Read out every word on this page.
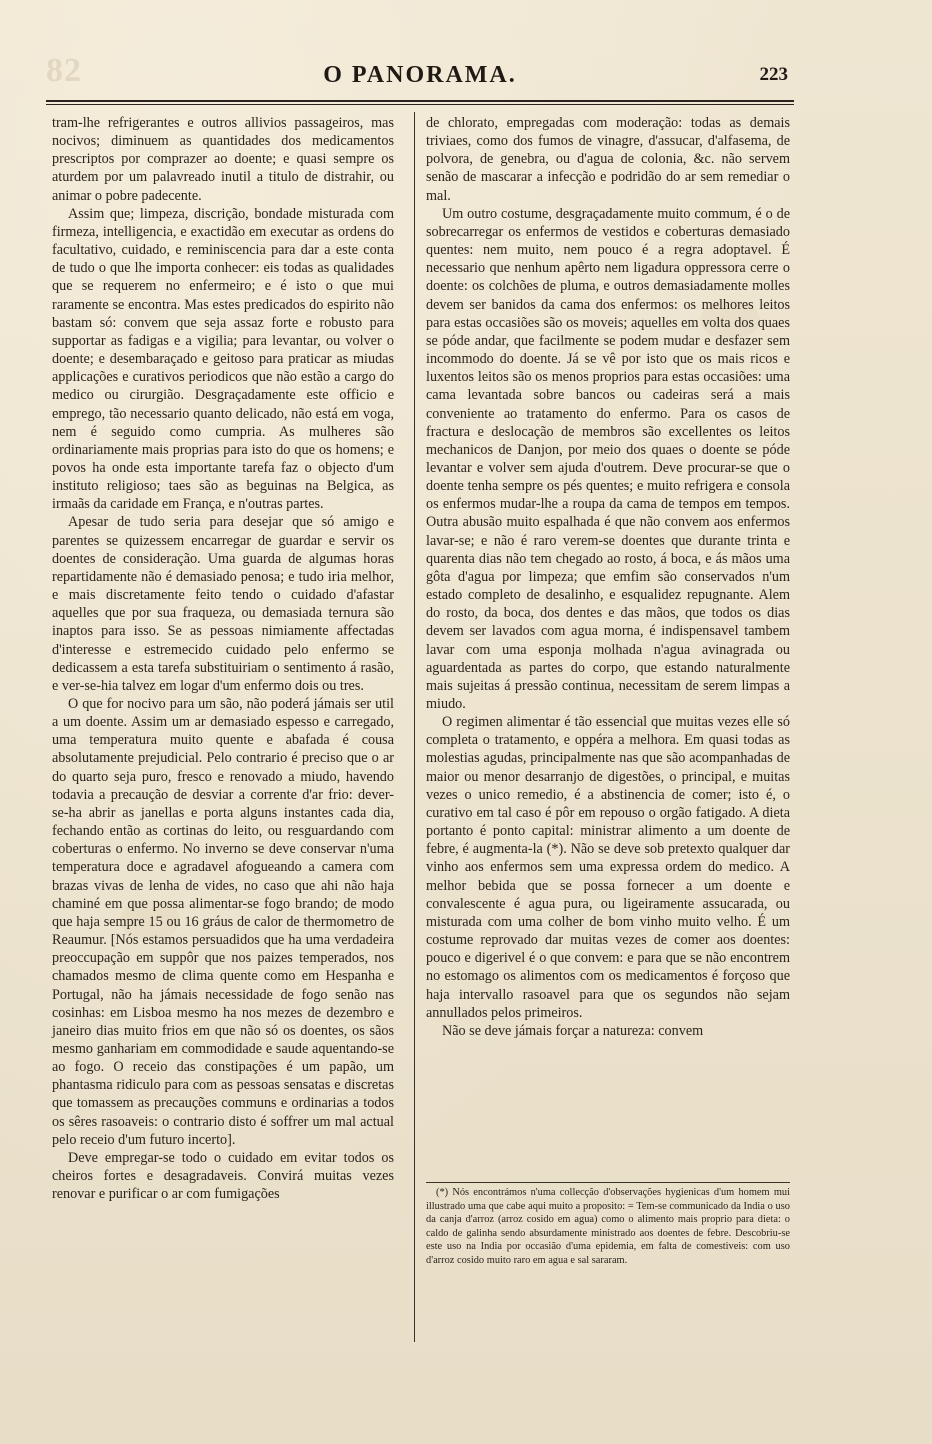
82	O PANORAMA.	223

tram-lhe refrigerantes e outros allivios passageiros, mas nocivos; diminuem as quantidades dos medicamentos prescriptos por comprazer ao doente; e quasi sempre os aturdem por um palavreado inutil a titulo de distrahir, ou animar o pobre padecente.

Assim que; limpeza, discrição, bondade misturada com firmeza, intelligencia, e exactidão em executar as ordens do facultativo, cuidado, e reminiscencia para dar a este conta de tudo o que lhe importa conhecer: eis todas as qualidades que se requerem no enfermeiro; e é isto o que mui raramente se encontra. Mas estes predicados do espirito não bastam só: convem que seja assaz forte e robusto para supportar as fadigas e a vigilia; para levantar, ou volver o doente; e desembaraçado e geitoso para praticar as miudas applicações e curativos periodicos que não estão a cargo do medico ou cirurgião. Desgraçadamente este officio e emprego, tão necessario quanto delicado, não está em voga, nem é seguido como cumpria. As mulheres são ordinariamente mais proprias para isto do que os homens; e povos ha onde esta importante tarefa faz o objecto d'um instituto religioso; taes são as beguinas na Belgica, as irmaãs da caridade em França, e n'outras partes.

Apesar de tudo seria para desejar que só amigo e parentes se quizessem encarregar de guardar e servir os doentes de consideração. Uma guarda de algumas horas repartidamente não é demasiado penosa; e tudo iria melhor, e mais discretamente feito tendo o cuidado d'afastar aquelles que por sua fraqueza, ou demasiada ternura são inaptos para isso. Se as pessoas nimiamente affectadas d'interesse e estremecido cuidado pelo enfermo se dedicassem a esta tarefa substituiriam o sentimento á rasão, e ver-se-hia talvez em logar d'um enfermo dois ou tres.

O que for nocivo para um são, não poderá jámais ser util a um doente. Assim um ar demasiado espesso e carregado, uma temperatura muito quente e abafada é cousa absolutamente prejudicial. Pelo contrario é preciso que o ar do quarto seja puro, fresco e renovado a miudo, havendo todavia a precaução de desviar a corrente d'ar frio: dever-se-ha abrir as janellas e porta alguns instantes cada dia, fechando então as cortinas do leito, ou resguardando com coberturas o enfermo. No inverno se deve conservar n'uma temperatura doce e agradavel afogueando a camera com brazas vivas de lenha de vides, no caso que ahi não haja chaminé em que possa alimentar-se fogo brando; de modo que haja sempre 15 ou 16 gráus de calor de thermometro de Reaumur. [Nós estamos persuadidos que ha uma verdadeira preoccupação em suppôr que nos paizes temperados, nos chamados mesmo de clima quente como em Hespanha e Portugal, não ha jámais necessidade de fogo senão nas cosinhas: em Lisboa mesmo ha nos mezes de dezembro e janeiro dias muito frios em que não só os doentes, os sãos mesmo ganhariam em commodidade e saude aquentando-se ao fogo. O receio das constipações é um papão, um phantasma ridiculo para com as pessoas sensatas e discretas que tomassem as precauções communs e ordinarias a todos os sêres rasoaveis: o contrario disto é soffrer um mal actual pelo receio d'um futuro incerto].

Deve empregar-se todo o cuidado em evitar todos os cheiros fortes e desagradaveis. Convirá muitas vezes renovar e purificar o ar com fumigações

de chlorato, empregadas com moderação: todas as demais triviaes, como dos fumos de vinagre, d'assucar, d'alfasema, de polvora, de genebra, ou d'agua de colonia, &c. não servem senão de mascarar a infecção e podridão do ar sem remediar o mal.

Um outro costume, desgraçadamente muito commum, é o de sobrecarregar os enfermos de vestidos e coberturas demasiado quentes: nem muito, nem pouco é a regra adoptavel. É necessario que nenhum apêrto nem ligadura oppressora cerre o doente: os colchões de pluma, e outros demasiadamente molles devem ser banidos da cama dos enfermos: os melhores leitos para estas occasiões são os moveis; aquelles em volta dos quaes se póde andar, que facilmente se podem mudar e desfazer sem incommodo do doente. Já se vê por isto que os mais ricos e luxentos leitos são os menos proprios para estas occasiões: uma cama levantada sobre bancos ou cadeiras será a mais conveniente ao tratamento do enfermo. Para os casos de fractura e deslocação de membros são excellentes os leitos mechanicos de Danjon, por meio dos quaes o doente se póde levantar e volver sem ajuda d'outrem. Deve procurar-se que o doente tenha sempre os pés quentes; e muito refrigera e consola os enfermos mudar-lhe a roupa da cama de tempos em tempos. Outra abusão muito espalhada é que não convem aos enfermos lavar-se; e não é raro verem-se doentes que durante trinta e quarenta dias não tem chegado ao rosto, á boca, e ás mãos uma gôta d'agua por limpeza; que emfim são conservados n'um estado completo de desalinho, e esqualidez repugnante. Alem do rosto, da boca, dos dentes e das mãos, que todos os dias devem ser lavados com agua morna, é indispensavel tambem lavar com uma esponja molhada n'agua avinagrada ou aguardentada as partes do corpo, que estando naturalmente mais sujeitas á pressão continua, necessitam de serem limpas a miudo.

O regimen alimentar é tão essencial que muitas vezes elle só completa o tratamento, e oppéra a melhora. Em quasi todas as molestias agudas, principalmente nas que são acompanhadas de maior ou menor desarranjo de digestões, o principal, e muitas vezes o unico remedio, é a abstinencia de comer; isto é, o curativo em tal caso é pôr em repouso o orgão fatigado. A dieta portanto é ponto capital: ministrar alimento a um doente de febre, é augmenta-la (*). Não se deve sob pretexto qualquer dar vinho aos enfermos sem uma expressa ordem do medico. A melhor bebida que se possa fornecer a um doente e convalescente é agua pura, ou ligeiramente assucarada, ou misturada com uma colher de bom vinho muito velho. É um costume reprovado dar muitas vezes de comer aos doentes: pouco e digerivel é o que convem: e para que se não encontrem no estomago os alimentos com os medicamentos é forçoso que haja intervallo rasoavel para que os segundos não sejam annullados pelos primeiros.

Não se deve jámais forçar a natureza: convem

(*) Nós encontrámos n'uma collecção d'observações hygienicas d'um homem mui illustrado uma que cabe aqui muito a proposito: = Tem-se communicado da India o uso da canja d'arroz (arroz cosido em agua) como o alimento mais proprio para dieta: o caldo de galinha sendo absurdamente ministrado aos doentes de febre. Descobriu-se este uso na India por occasião d'uma epidemia, em falta de comestiveis: com uso d'arroz cosido muito raro em agua e sal sararam.
